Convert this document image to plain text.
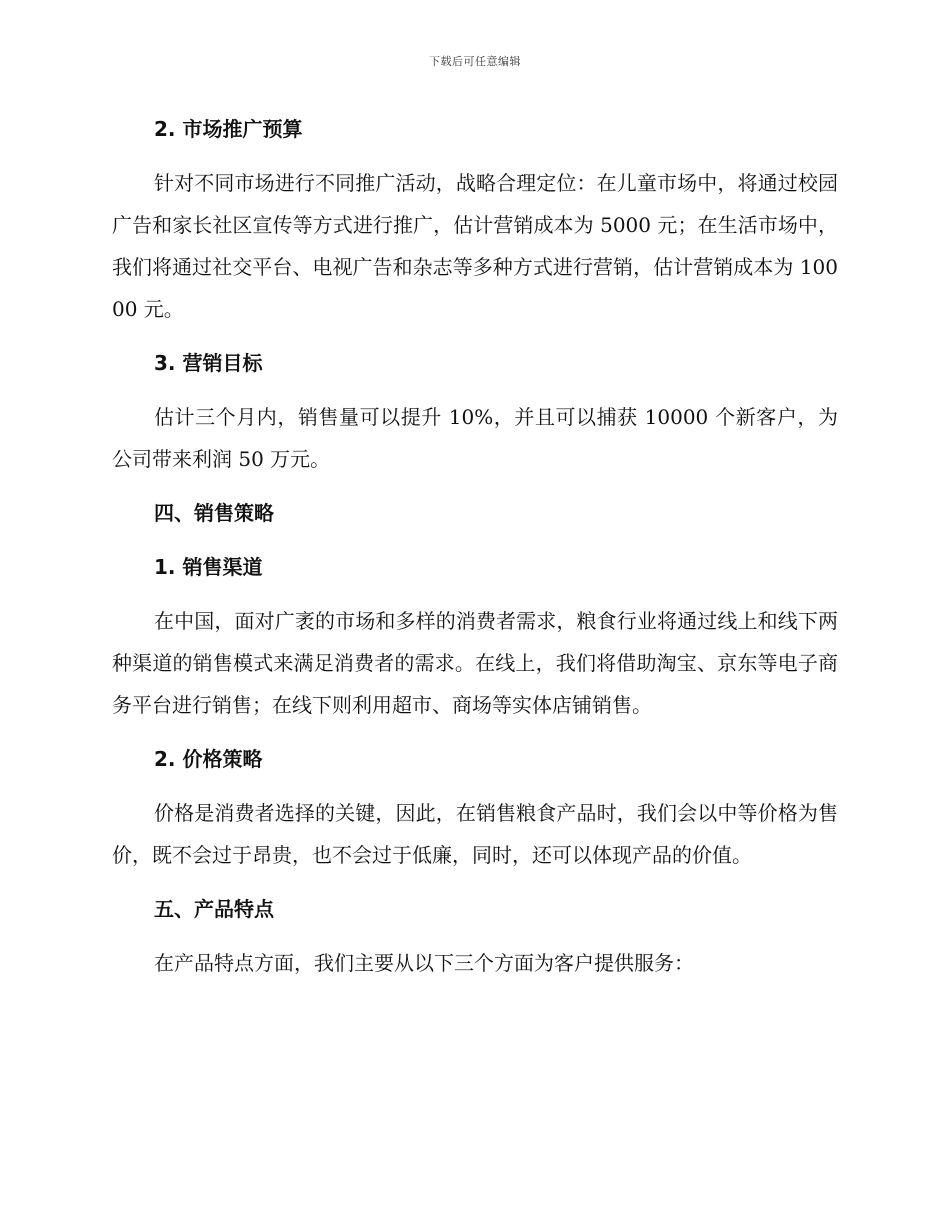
下载后可任意编辑
2. 市场推广预算

针对不同市场进行不同推广活动，战略合理定位：在儿童市场中，将通过校园广告和家长社区宣传等方式进行推广，估计营销成本为 5000 元；在生活市场中，我们将通过社交平台、电视广告和杂志等多种方式进行营销，估计营销成本为 10000 元。

3. 营销目标

估计三个月内，销售量可以提升 10%，并且可以捕获 10000 个新客户，为公司带来利润 50 万元。

四、销售策略
1. 销售渠道

在中国，面对广袤的市场和多样的消费者需求，粮食行业将通过线上和线下两种渠道的销售模式来满足消费者的需求。在线上，我们将借助淘宝、京东等电子商务平台进行销售；在线下则利用超市、商场等实体店铺销售。

2. 价格策略

价格是消费者选择的关键，因此，在销售粮食产品时，我们会以中等价格为售价，既不会过于昂贵，也不会过于低廉，同时，还可以体现产品的价值。

五、产品特点

在产品特点方面，我们主要从以下三个方面为客户提供服务：
